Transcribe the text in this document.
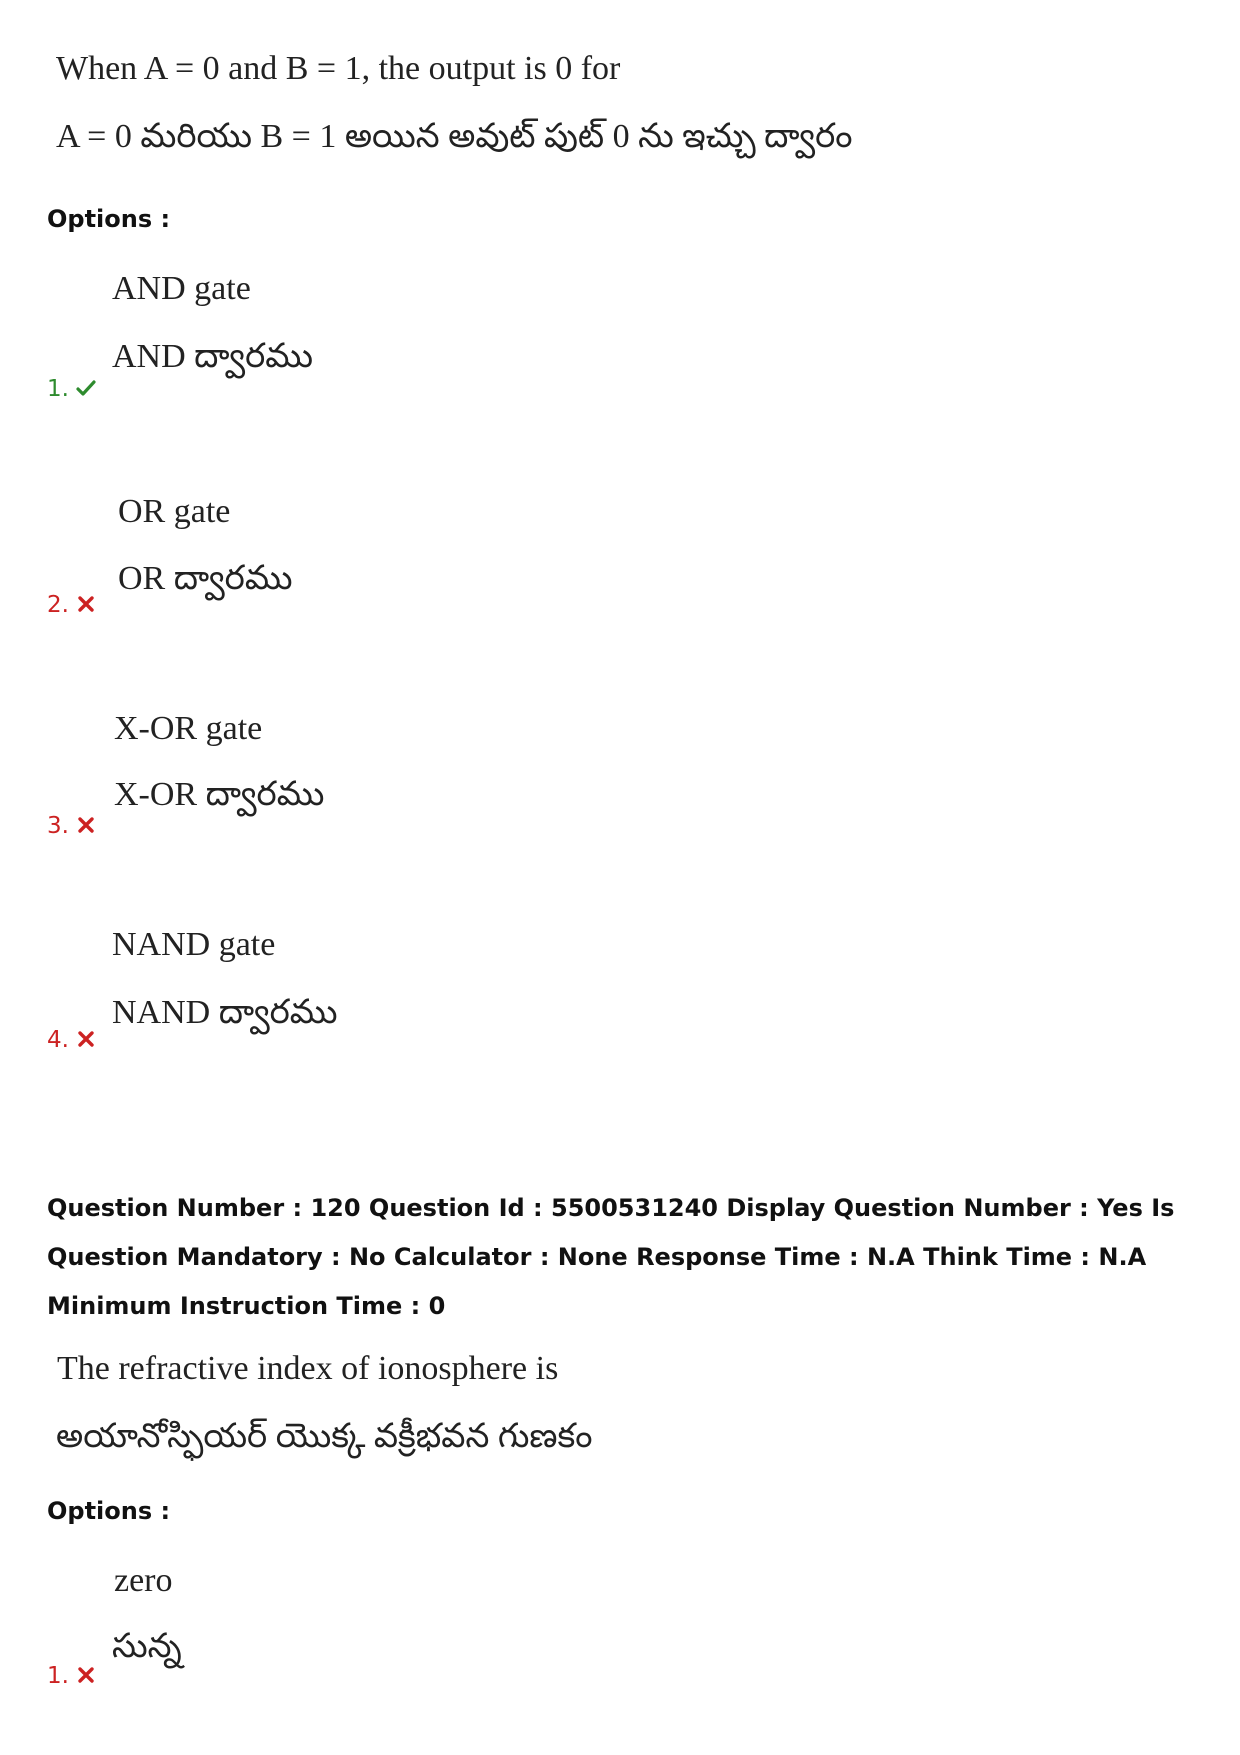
When A = 0 and B = 1, the output is 0 for
A = 0 మరియు B = 1 అయిన అవుట్ పుట్ 0 ను ఇచ్చు ద్వారం
Options :
AND gate
AND ద్వారము
1.
OR gate
OR ద్వారము
2.
X-OR gate
X-OR ద్వారము
3.
NAND gate
NAND ద్వారము
4.
Question Number : 120 Question Id : 5500531240 Display Question Number : Yes Is Question Mandatory : No Calculator : None Response Time : N.A Think Time : N.A Minimum Instruction Time : 0
The refractive index of ionosphere is
అయానోస్ఫియర్ యొక్క వక్రీభవన గుణకం
Options :
zero
సున్న
1.
